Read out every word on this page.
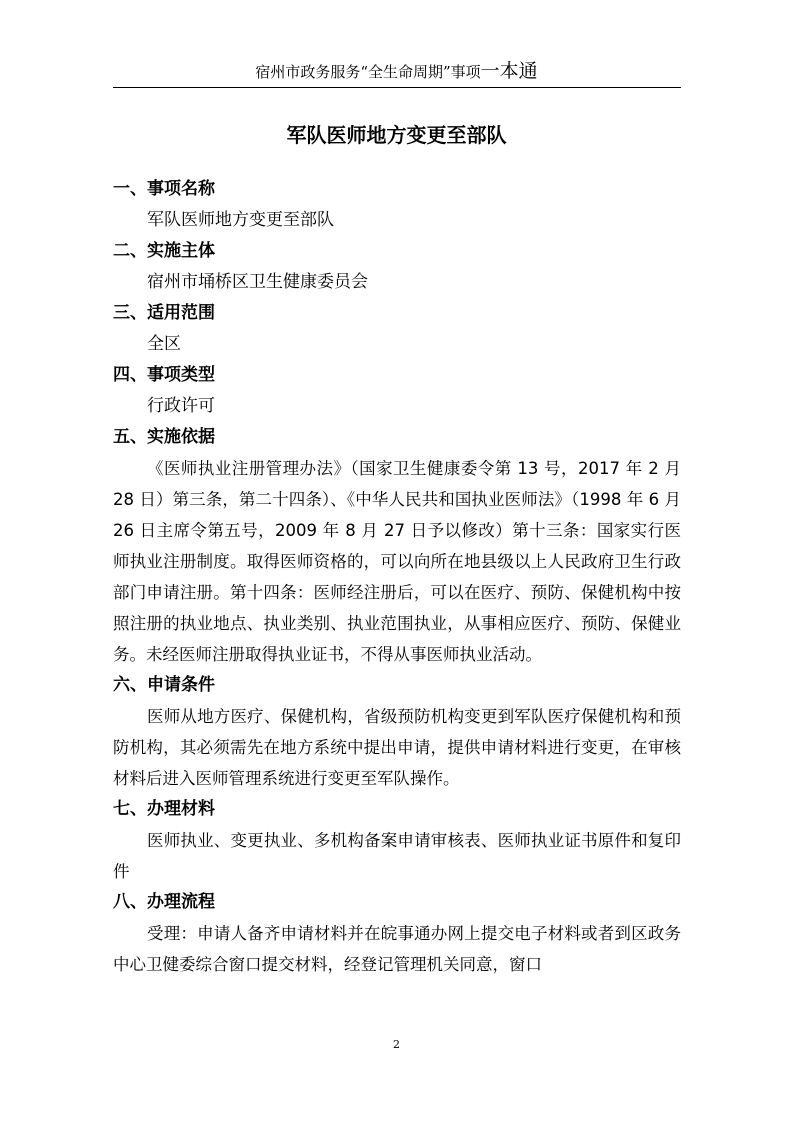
宿州市政务服务“全生命周期”事项一本通
军队医师地方变更至部队
一、事项名称
军队医师地方变更至部队
二、实施主体
宿州市埇桥区卫生健康委员会
三、适用范围
全区
四、事项类型
行政许可
五、实施依据

《医师执业注册管理办法》（国家卫生健康委令第 13 号，2017 年 2 月 28 日）第三条，第二十四条）、《中华人民共和国执业医师法》（1998 年 6 月 26 日主席令第五号，2009 年 8 月 27 日予以修改）第十三条：国家实行医师执业注册制度。取得医师资格的，可以向所在地县级以上人民政府卫生行政部门申请注册。第十四条：医师经注册后，可以在医疗、预防、保健机构中按照注册的执业地点、执业类别、执业范围执业，从事相应医疗、预防、保健业务。未经医师注册取得执业证书，不得从事医师执业活动。

六、申请条件

医师从地方医疗、保健机构，省级预防机构变更到军队医疗保健机构和预防机构，其必须需先在地方系统中提出申请，提供申请材料进行变更，在审核材料后进入医师管理系统进行变更至军队操作。

七、办理材料

医师执业、变更执业、多机构备案申请审核表、医师执业证书原件和复印件

八、办理流程

受理：申请人备齐申请材料并在皖事通办网上提交电子材料或者到区政务中心卫健委综合窗口提交材料，经登记管理机关同意，窗口

2
